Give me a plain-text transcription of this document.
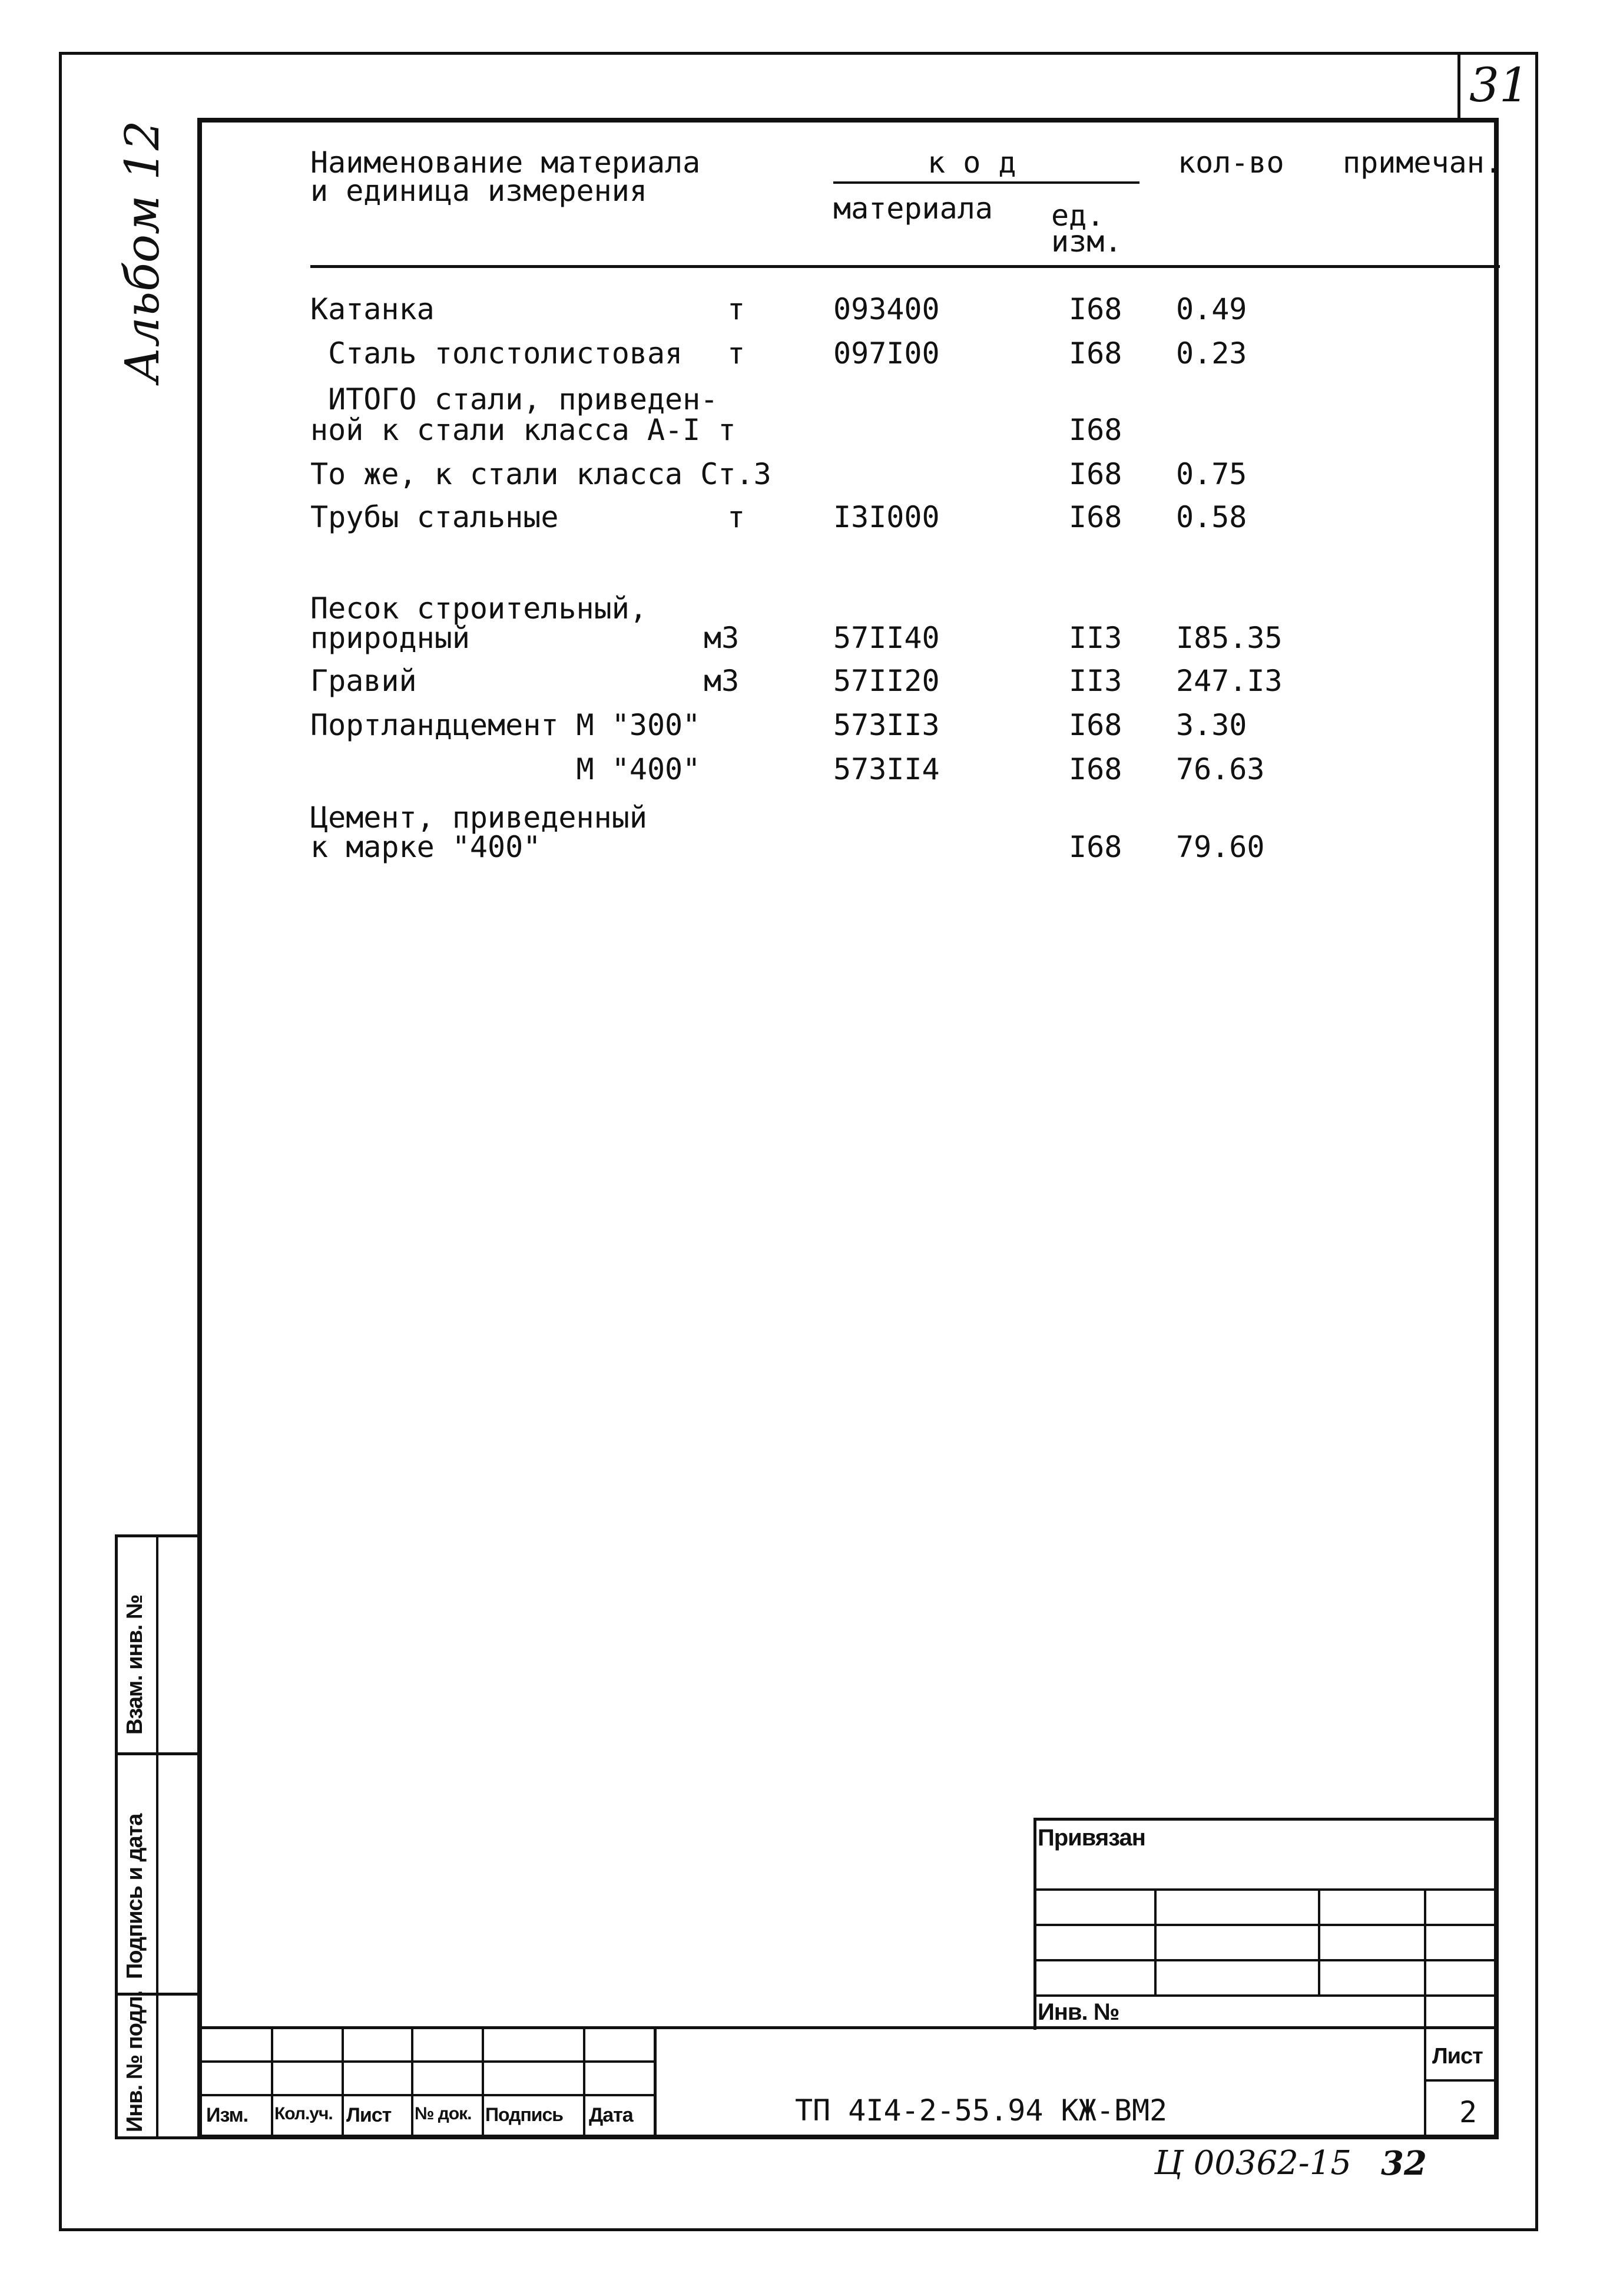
31
Альбом 12	Наименование материала
и единица измерения
к о д
материала ед.
изм.
кол-во примечан.
Катанка	т	093400	I68 0.49
Сталь толстолистовая т	097I00	I68 0.23
ИТОГО стали, приведен-
ной к стали класса А-I т	I68
То же, к стали класса Ст.3	I68 0.75
Трубы стальные	т	I3I000	I68 0.58
Песок строительный,
природный	м3	57II40	II3 I85.35
Гравий	м3	57II20	II3 247.I3
Портландцемент М "300"	573II3	I68 3.30
М "400"	573II4	I68 76.63
Цемент, приведенный
к марке "400"	I68 79.60
Взам. инв. №
Подпись и дата
Инв. № подл.
Привязан
Инв. №
Лист
2
ТП 4I4-2-55.94 КЖ-ВМ2
Изм. Кол.уч. Лист № док. Подпись Дата
Ц 00362-15 32
